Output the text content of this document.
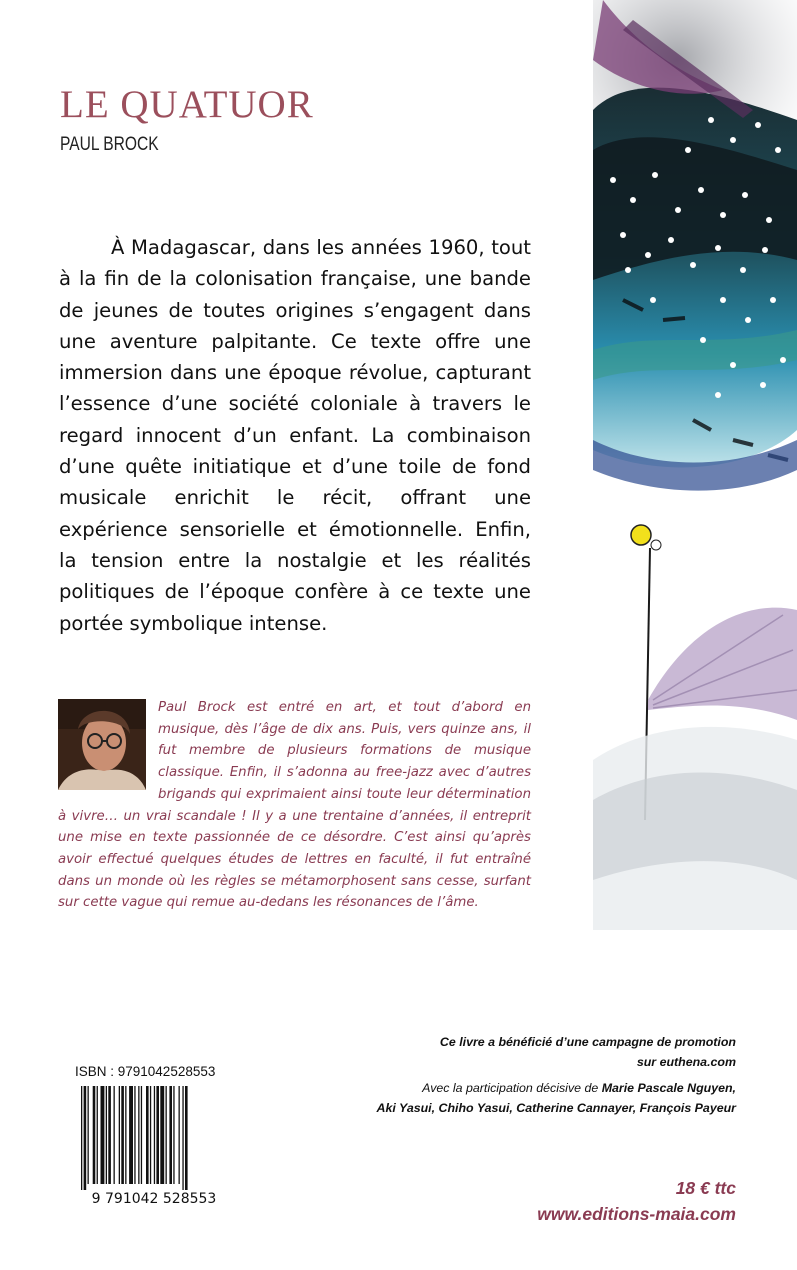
LE QUATUOR
PAUL BROCK

À Madagascar, dans les années 1960, tout à la fin de la colonisation française, une bande de jeunes de toutes origines s’engagent dans une aventure palpitante. Ce texte offre une immersion dans une époque révolue, capturant l’essence d’une société coloniale à travers le regard innocent d’un enfant. La combinaison d’une quête initiatique et d’une toile de fond musicale enrichit le récit, offrant une expérience sensorielle et émotionnelle. Enfin, la tension entre la nostalgie et les réalités politiques de l’époque confère à ce texte une portée symbolique intense.

Paul Brock est entré en art, et tout d’abord en musique, dès l’âge de dix ans. Puis, vers quinze ans, il fut membre de plusieurs formations de musique classique. Enfin, il s’adonna au free-jazz avec d’autres brigands qui exprimaient ainsi toute leur détermination à vivre… un vrai scandale ! Il y a une trentaine d’années, il entreprit une mise en texte passionnée de ce désordre. C’est ainsi qu’après avoir effectué quelques études de lettres en faculté, il fut entraîné dans un monde où les règles se métamorphosent sans cesse, surfant sur cette vague qui remue au-dedans les résonances de l’âme.

ISBN : 9791042528553
9 791042 528553
Ce livre a bénéficié d’une campagne de promotion
sur euthena.com
Avec la participation décisive de Marie Pascale Nguyen,
Aki Yasui, Chiho Yasui, Catherine Cannayer, François Payeur
18 € ttc
www.editions-maia.com
